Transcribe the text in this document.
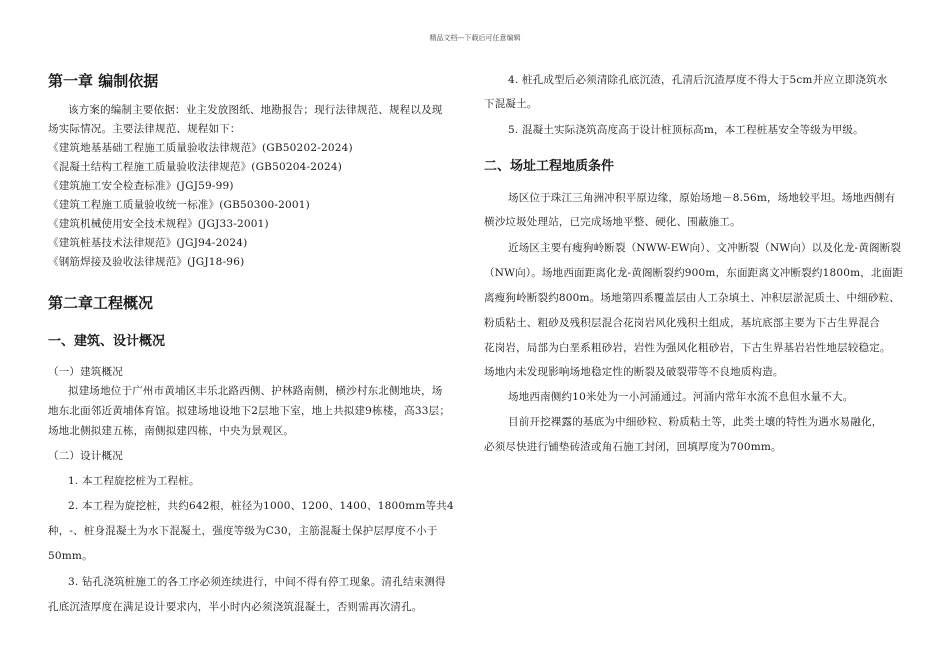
精品文档---下载后可任意编辑
第一章 编制依据
该方案的编制主要依据：业主发放图纸、地勘报告；现行法律规范、规程以及现
场实际情况。主要法律规范、规程如下：
《建筑地基基础工程施工质量验收法律规范》(GB50202-2024)
《混凝土结构工程施工质量验收法律规范》(GB50204-2024)
《建筑施工安全检查标准》(JGJ59-99)
《建筑工程施工质量验收统一标准》(GB50300-2001)
《建筑机械使用安全技术规程》(JGJ33-2001)
《建筑桩基技术法律规范》(JGJ94-2024)
《钢筋焊接及验收法律规范》(JGJ18-96)
第二章工程概况
一、建筑、设计概况
（一）建筑概况
拟建场地位于广州市黄埔区丰乐北路西侧、护林路南侧，横沙村东北侧地块，场
地东北面邻近黄埔体育馆。拟建场地设地下2层地下室，地上共拟建9栋楼，高33层；
场地北侧拟建五栋，南侧拟建四栋，中央为景观区。
（二）设计概况
1. 本工程旋挖桩为工程桩。
2. 本工程为旋挖桩，共约642根，桩径为1000、1200、1400、1800mm等共4
种，-、桩身混凝土为水下混凝土，强度等级为C30，主筋混凝土保护层厚度不小于
50mm。
3. 钻孔浇筑桩施工的各工序必须连续进行，中间不得有停工现象。清孔结束测得
孔底沉渣厚度在满足设计要求内，半小时内必须浇筑混凝土，否则需再次清孔。
4. 桩孔成型后必须清除孔底沉渣，孔清后沉渣厚度不得大于5cm并应立即浇筑水
下混凝土。
5. 混凝土实际浇筑高度高于设计桩顶标高m，本工程桩基安全等级为甲级。
二、场址工程地质条件
场区位于珠江三角洲冲积平原边缘，原始场地－8.56m，场地较平坦。场地西侧有
横沙垃圾处理站，已完成场地平整、硬化、围蔽施工。
近场区主要有瘦狗岭断裂（NWW-EW向）、文冲断裂（NW向）以及化龙-黄阁断裂
（NW向）。场地西面距离化龙-黄阁断裂约900m，东面距离文冲断裂约1800m，北面距
离瘦狗岭断裂约800m。场地第四系覆盖层由人工杂填土、冲积层淤泥质土、中细砂粒、
粉质粘土、粗砂及残积层混合花岗岩风化残积土组成，基坑底部主要为下古生界混合
花岗岩，局部为白垩系粗砂岩，岩性为强风化粗砂岩，下古生界基岩岩性地层较稳定。
场地内未发现影响场地稳定性的断裂及破裂带等不良地质构造。
场地西南侧约10米处为一小河涌通过。河涌内常年水流不息但水量不大。
目前开挖裸露的基底为中细砂粒、粉质粘土等，此类土壤的特性为遇水易融化，
必须尽快进行铺垫砖渣或角石施工封闭，回填厚度为700mm。
